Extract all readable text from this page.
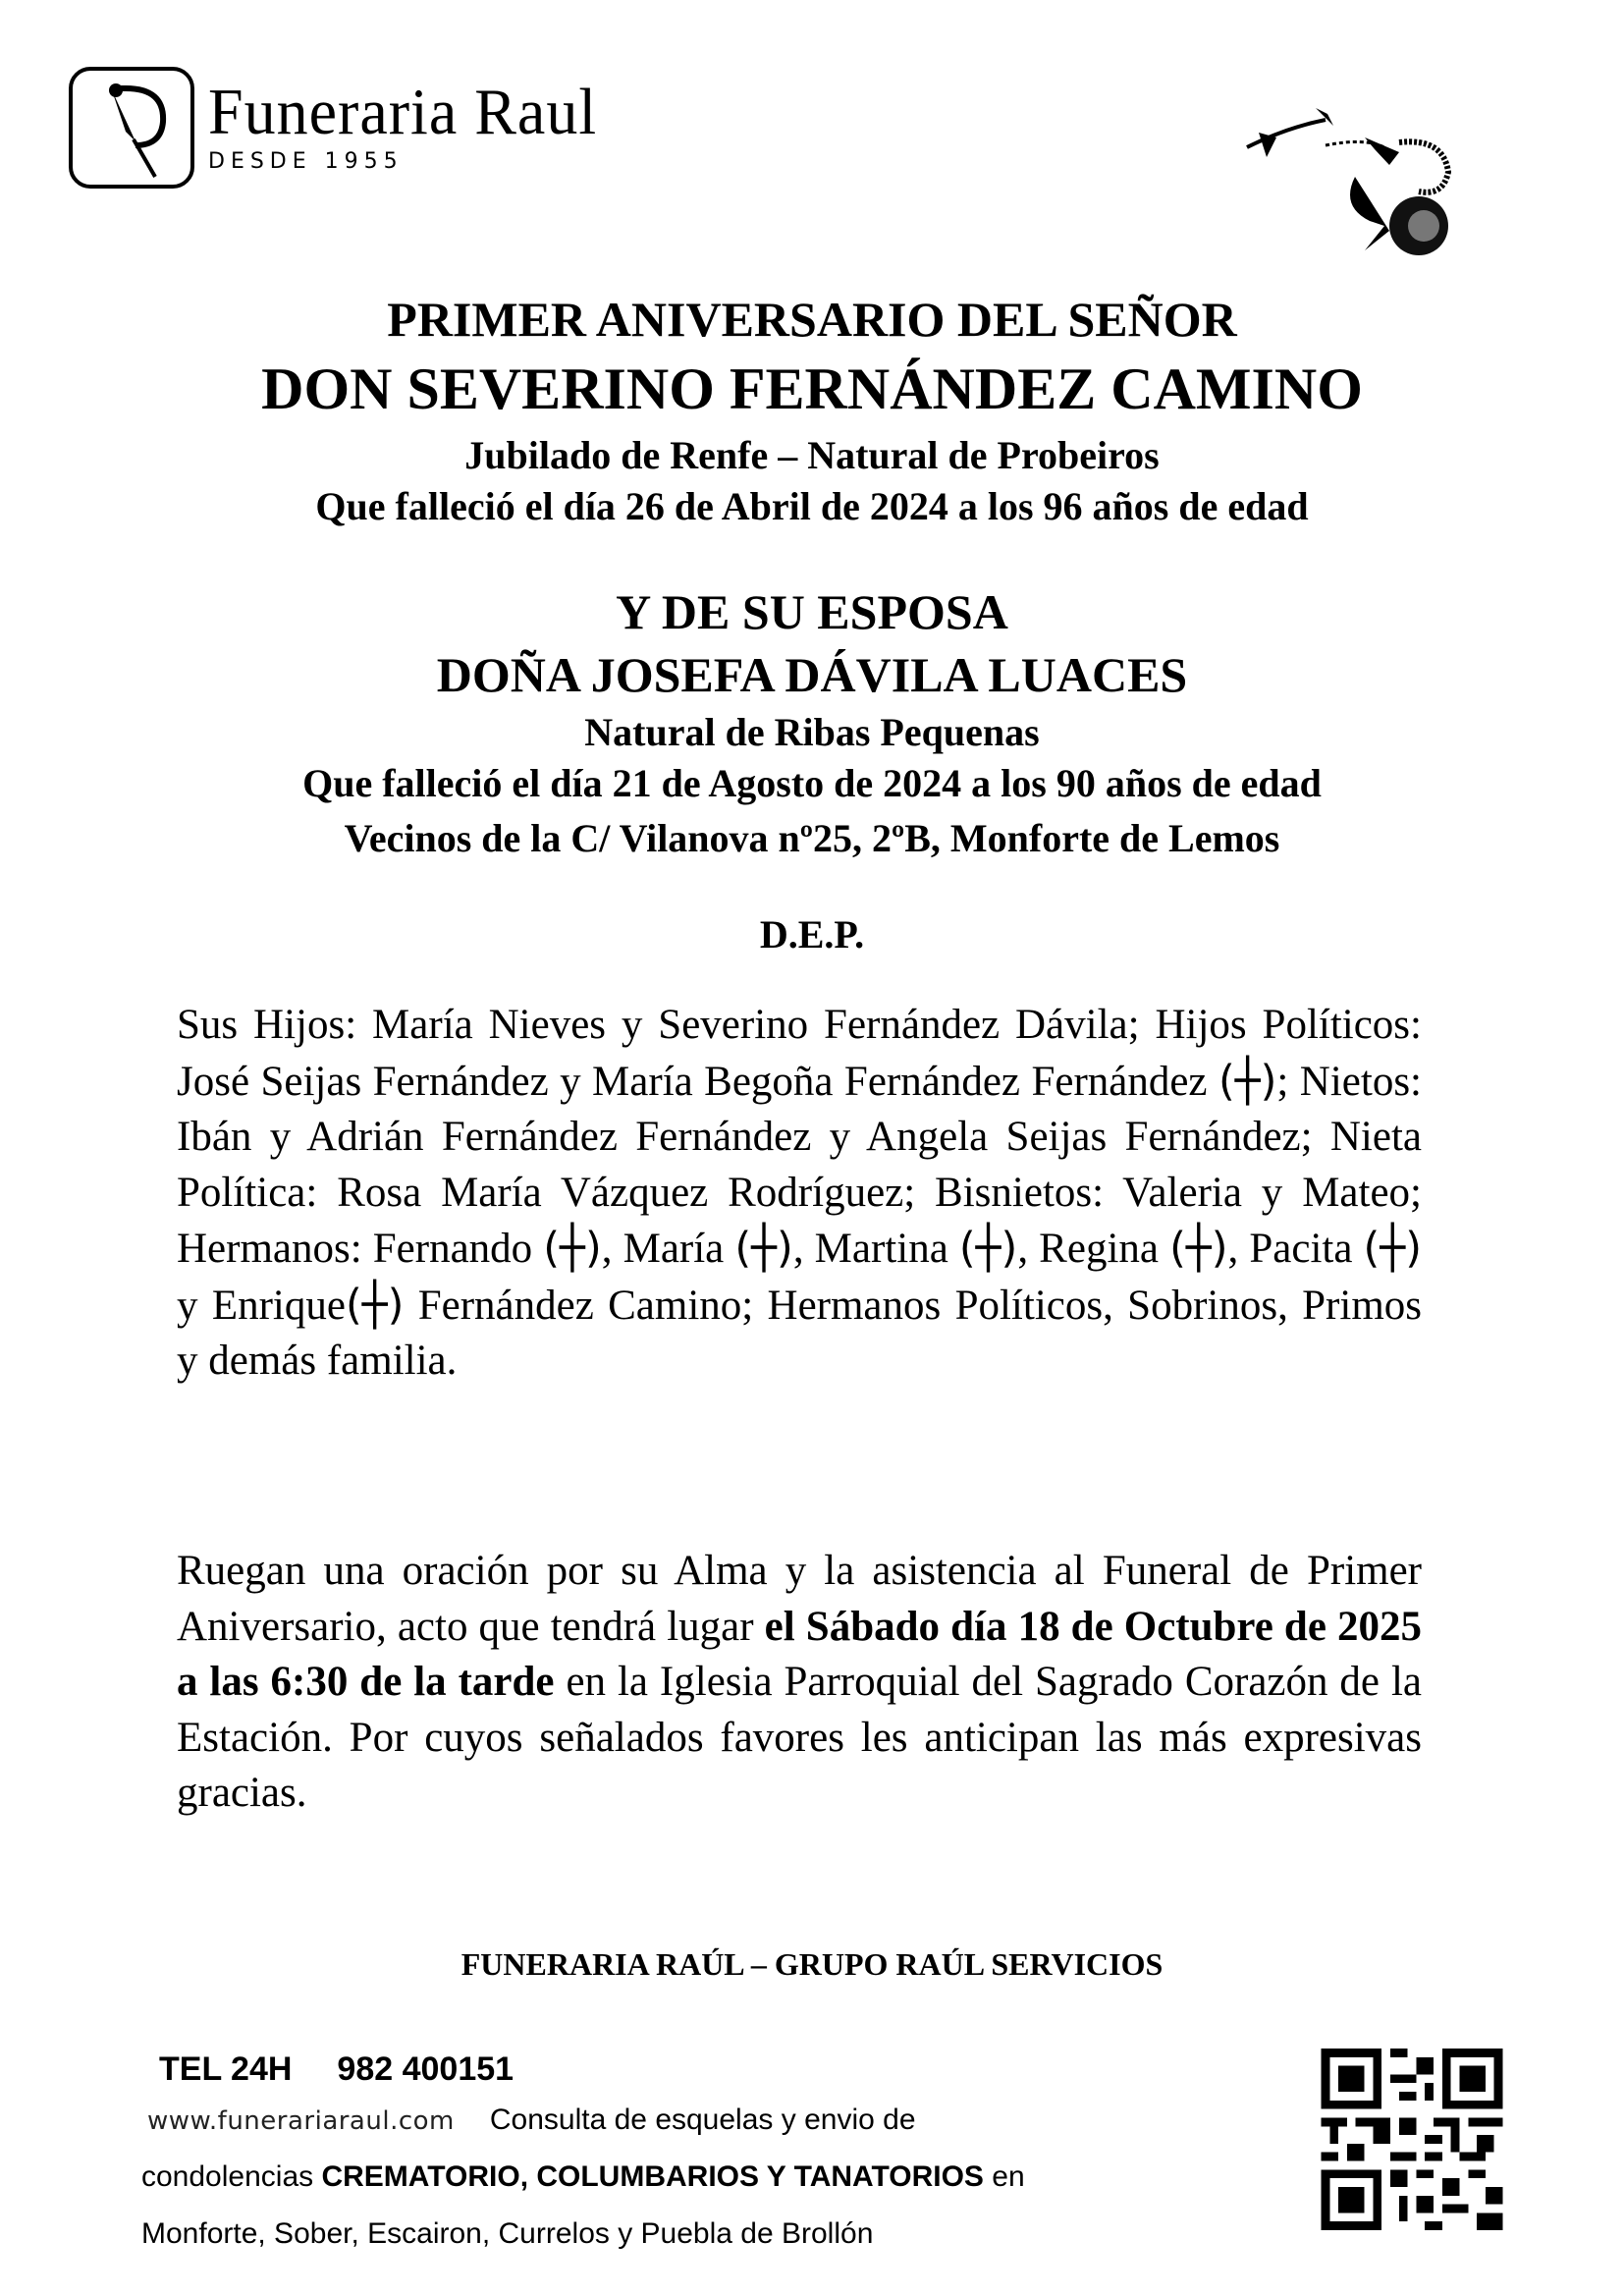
Funeraria Raul
DESDE 1955
PRIMER ANIVERSARIO DEL SEÑOR
DON SEVERINO FERNÁNDEZ CAMINO
Jubilado de Renfe – Natural de Probeiros
Que falleció el día 26 de Abril de 2024 a los 96 años de edad
Y DE SU ESPOSA
DOÑA JOSEFA DÁVILA LUACES
Natural de Ribas Pequenas
Que falleció el día 21 de Agosto de 2024 a los 90 años de edad
Vecinos de la C/ Vilanova nº25, 2ºB, Monforte de Lemos
D.E.P.
Sus Hijos: María Nieves y Severino Fernández Dávila; Hijos Políticos: José Seijas Fernández y María Begoña Fernández Fernández (┼); Nietos: Ibán y Adrián Fernández Fernández y Angela Seijas Fernández; Nieta Política: Rosa María Vázquez Rodríguez; Bisnietos: Valeria y Mateo; Hermanos: Fernando (┼), María (┼), Martina (┼), Regina (┼), Pacita (┼) y Enrique(┼) Fernández Camino; Hermanos Políticos, Sobrinos, Primos y demás familia.
Ruegan una oración por su Alma y la asistencia al Funeral de Primer Aniversario, acto que tendrá lugar el Sábado día 18 de Octubre de 2025 a las 6:30 de la tarde en la Iglesia Parroquial del Sagrado Corazón de la Estación. Por cuyos señalados favores les anticipan las más expresivas gracias.
FUNERARIA RAÚL – GRUPO RAÚL SERVICIOS
TEL 24H 982 400151
www.funerariaraul.com Consulta de esquelas y envio de
condolencias CREMATORIO, COLUMBARIOS Y TANATORIOS en
Monforte, Sober, Escairon, Currelos y Puebla de Brollón
